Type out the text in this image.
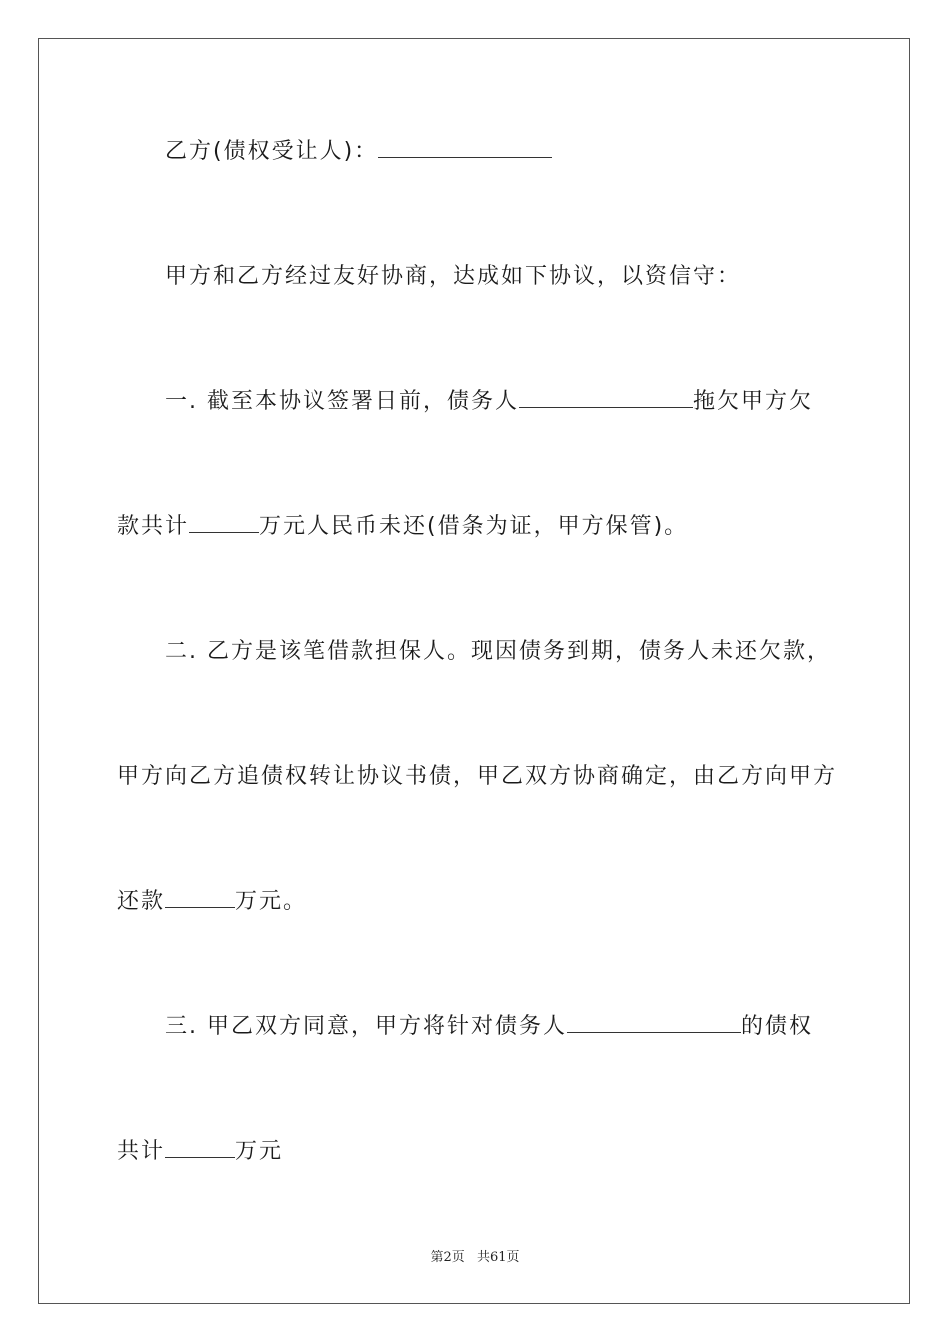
乙方(债权受让人)：
甲方和乙方经过友好协商，达成如下协议，以资信守：
一. 截至本协议签署日前，债务人	拖欠甲方欠
款共计	万元人民币未还(借条为证，甲方保管)。
二. 乙方是该笔借款担保人。现因债务到期，债务人未还欠款，
甲方向乙方追债权转让协议书债，甲乙双方协商确定，由乙方向甲方
还款	万元。
三. 甲乙双方同意，甲方将针对债务人	的债权
共计	万元
第2页 共61页
